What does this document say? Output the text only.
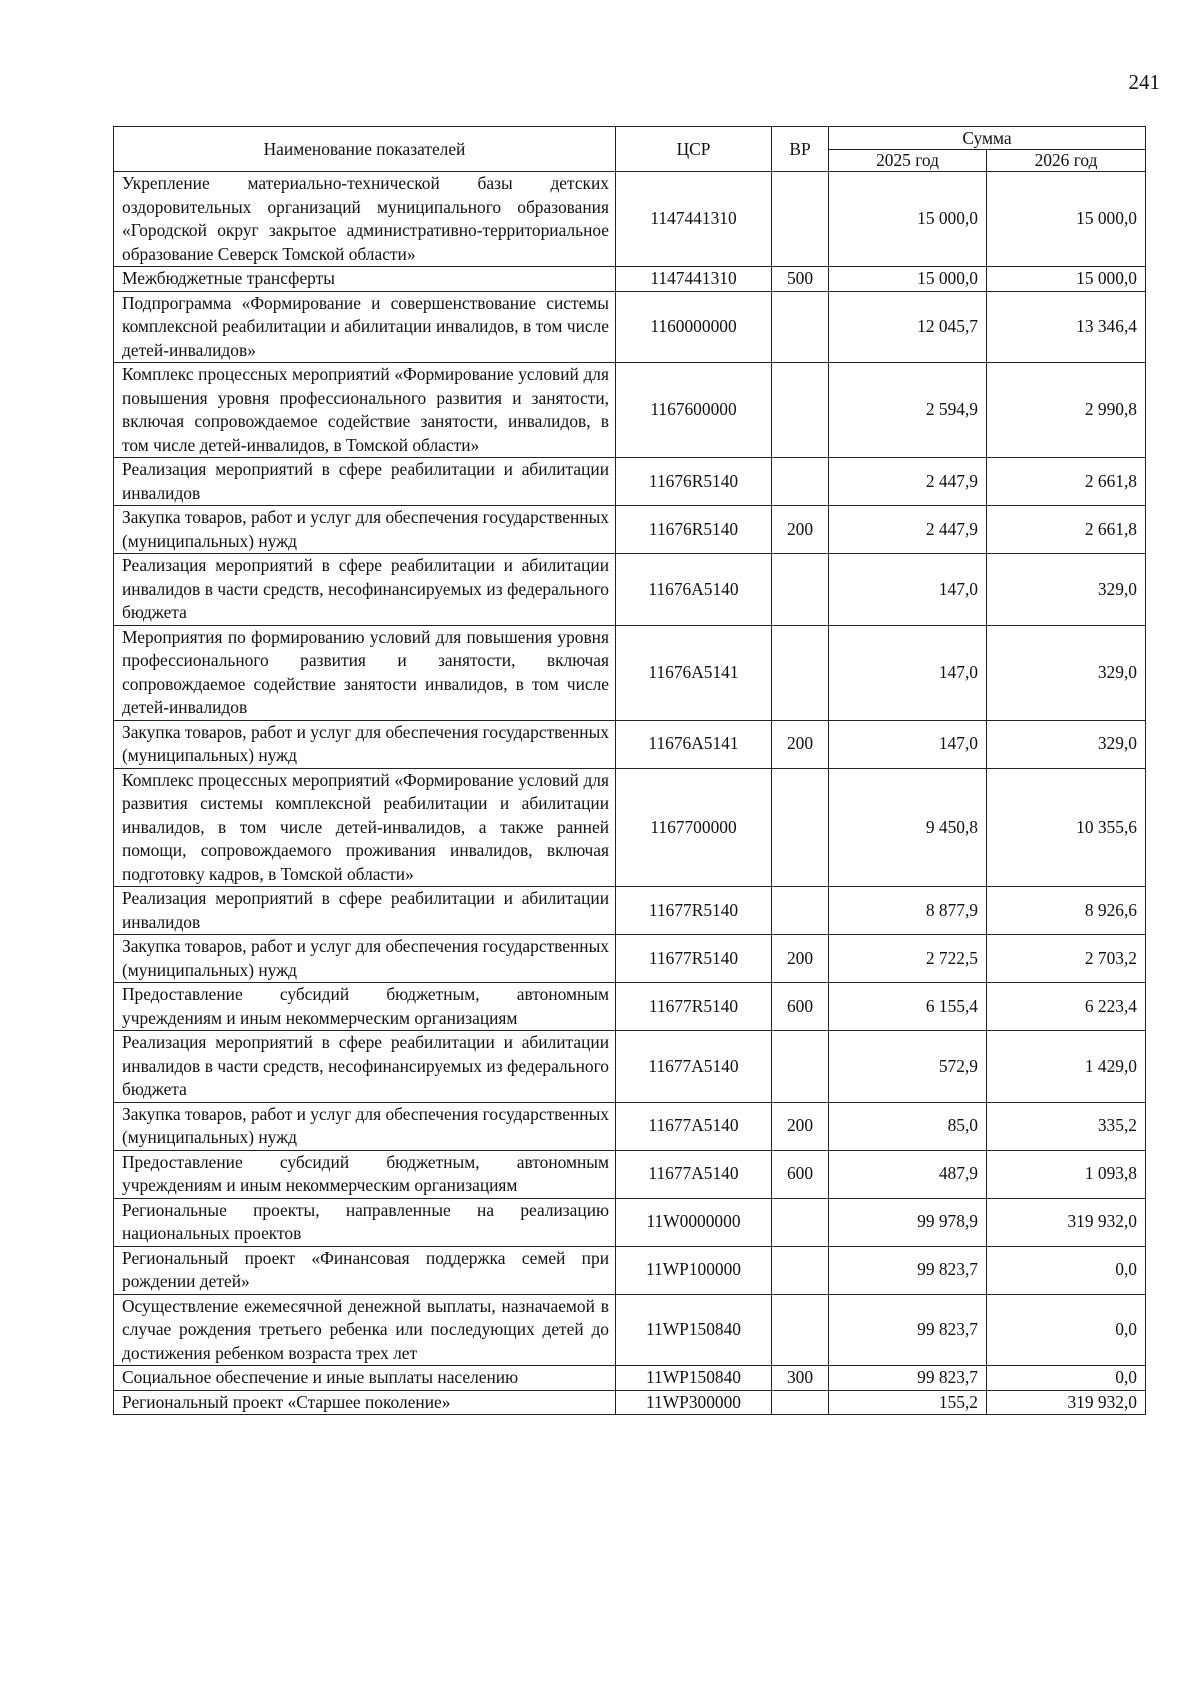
241
Наименование показателей	ЦСР	ВР	Сумма	
			2025 год	2026 год
Укрепление материально-технической базы детских оздоровительных организаций муниципального образования «Городской округ закрытое административно-территориальное образование Северск Томской области»	1147441310		15 000,0	15 000,0
Межбюджетные трансферты	1147441310	500	15 000,0	15 000,0
Подпрограмма «Формирование и совершенствование системы комплексной реабилитации и абилитации инвалидов, в том числе детей-инвалидов»	1160000000		12 045,7	13 346,4
Комплекс процессных мероприятий «Формирование условий для повышения уровня профессионального развития и занятости, включая сопровождаемое содействие занятости, инвалидов, в том числе детей-инвалидов, в Томской области»	1167600000		2 594,9	2 990,8
Реализация мероприятий в сфере реабилитации и абилитации инвалидов	11676R5140		2 447,9	2 661,8
Закупка товаров, работ и услуг для обеспечения государственных (муниципальных) нужд	11676R5140	200	2 447,9	2 661,8
Реализация мероприятий в сфере реабилитации и абилитации инвалидов в части средств, несофинансируемых из федерального бюджета	11676A5140		147,0	329,0
Мероприятия по формированию условий для повышения уровня профессионального развития и занятости, включая сопровождаемое содействие занятости инвалидов, в том числе детей-инвалидов	11676A5141		147,0	329,0
Закупка товаров, работ и услуг для обеспечения государственных (муниципальных) нужд	11676A5141	200	147,0	329,0
Комплекс процессных мероприятий «Формирование условий для развития системы комплексной реабилитации и абилитации инвалидов, в том числе детей-инвалидов, а также ранней помощи, сопровождаемого проживания инвалидов, включая подготовку кадров, в Томской области»	1167700000		9 450,8	10 355,6
Реализация мероприятий в сфере реабилитации и абилитации инвалидов	11677R5140		8 877,9	8 926,6
Закупка товаров, работ и услуг для обеспечения государственных (муниципальных) нужд	11677R5140	200	2 722,5	2 703,2
Предоставление субсидий бюджетным, автономным учреждениям и иным некоммерческим организациям	11677R5140	600	6 155,4	6 223,4
Реализация мероприятий в сфере реабилитации и абилитации инвалидов в части средств, несофинансируемых из федерального бюджета	11677A5140		572,9	1 429,0
Закупка товаров, работ и услуг для обеспечения государственных (муниципальных) нужд	11677A5140	200	85,0	335,2
Предоставление субсидий бюджетным, автономным учреждениям и иным некоммерческим организациям	11677A5140	600	487,9	1 093,8
Региональные проекты, направленные на реализацию национальных проектов	11W0000000		99 978,9	319 932,0
Региональный проект «Финансовая поддержка семей при рождении детей»	11WP100000		99 823,7	0,0
Осуществление ежемесячной денежной выплаты, назначаемой в случае рождения третьего ребенка или последующих детей до достижения ребенком возраста трех лет	11WP150840		99 823,7	0,0
Социальное обеспечение и иные выплаты населению	11WP150840	300	99 823,7	0,0
Региональный проект «Старшее поколение»	11WP300000		155,2	319 932,0
